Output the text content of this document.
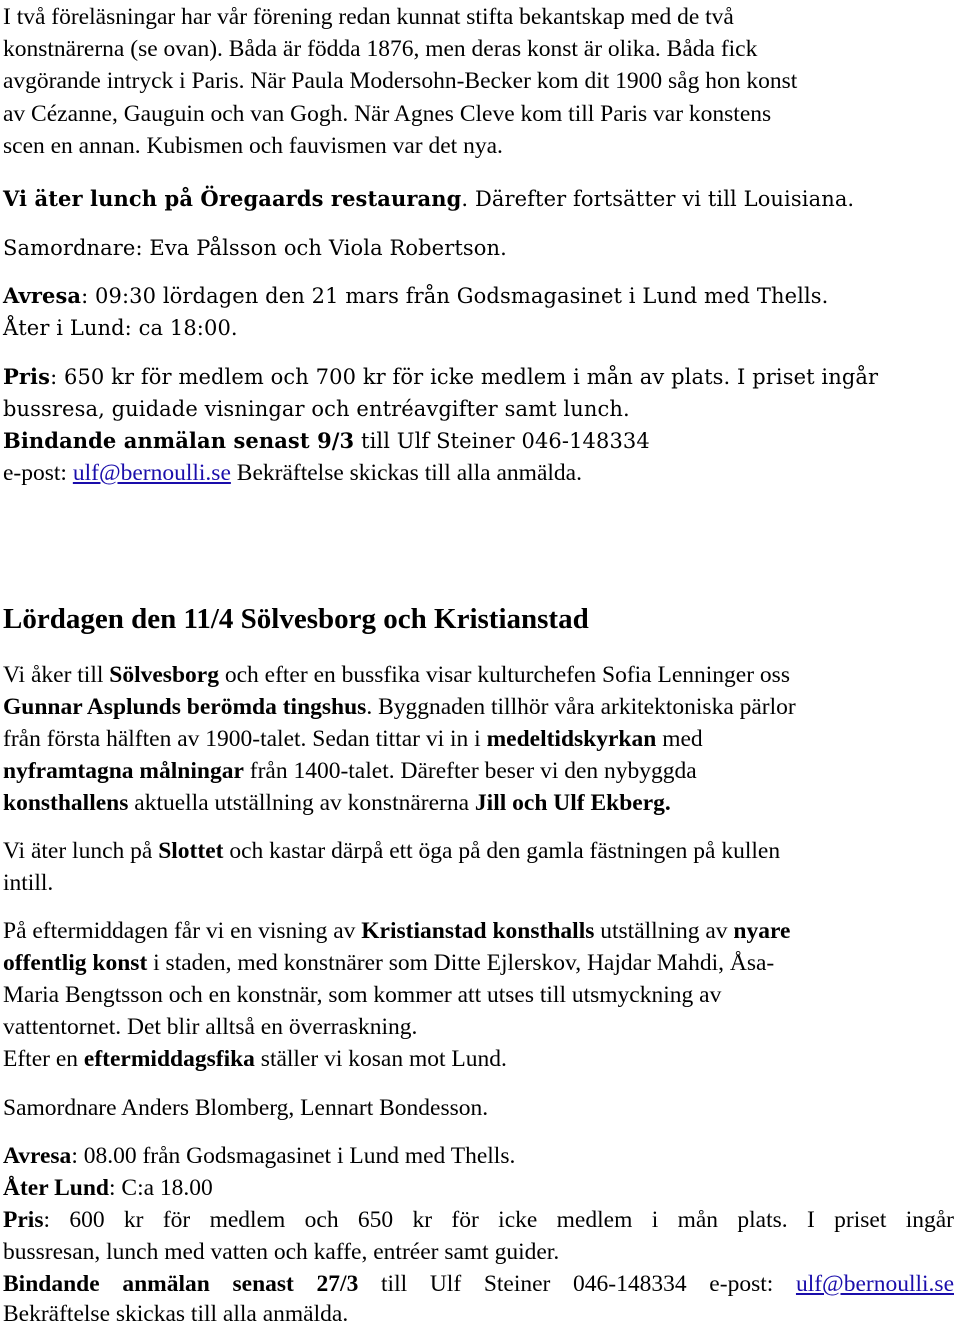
I två föreläsningar har vår förening redan kunnat stifta bekantskap med de två
konstnärerna (se ovan). Båda är födda 1876, men deras konst är olika. Båda fick
avgörande intryck i Paris. När Paula Modersohn-Becker kom dit 1900 såg hon konst
av Cézanne, Gauguin och van Gogh. När Agnes Cleve kom till Paris var konstens
scen en annan. Kubismen och fauvismen var det nya.
Vi äter lunch på Öregaards restaurang. Därefter fortsätter vi till Louisiana.
Samordnare: Eva Pålsson och Viola Robertson.
Avresa: 09:30 lördagen den 21 mars från Godsmagasinet i Lund med Thells.
Åter i Lund: ca 18:00.
Pris: 650 kr för medlem och 700 kr för icke medlem i mån av plats. I priset ingår
bussresa, guidade visningar och entréavgifter samt lunch.
Bindande anmälan senast 9/3 till Ulf Steiner 046-148334
e-post: ulf@bernoulli.se Bekräftelse skickas till alla anmälda.
Lördagen den 11/4 Sölvesborg och Kristianstad
Vi åker till Sölvesborg och efter en bussfika visar kulturchefen Sofia Lenninger oss
Gunnar Asplunds berömda tingshus. Byggnaden tillhör våra arkitektoniska pärlor
från första hälften av 1900-talet. Sedan tittar vi in i medeltidskyrkan med
nyframtagna målningar från 1400-talet. Därefter beser vi den nybyggda
konsthallens aktuella utställning av konstnärerna Jill och Ulf Ekberg.
Vi äter lunch på Slottet och kastar därpå ett öga på den gamla fästningen på kullen
intill.
På eftermiddagen får vi en visning av Kristianstad konsthalls utställning av nyare
offentlig konst i staden, med konstnärer som Ditte Ejlerskov, Hajdar Mahdi, Åsa-
Maria Bengtsson och en konstnär, som kommer att utses till utsmyckning av
vattentornet. Det blir alltså en överraskning.
Efter en eftermiddagsfika ställer vi kosan mot Lund.
Samordnare Anders Blomberg, Lennart Bondesson.
Avresa: 08.00 från Godsmagasinet i Lund med Thells.
Åter Lund: C:a 18.00
Pris: 600 kr för medlem och 650 kr för icke medlem i mån plats. I priset ingår
bussresan, lunch med vatten och kaffe, entréer samt guider.
Bindande anmälan senast 27/3 till Ulf Steiner 046-148334 e-post: ulf@bernoulli.se
Bekräftelse skickas till alla anmälda.
